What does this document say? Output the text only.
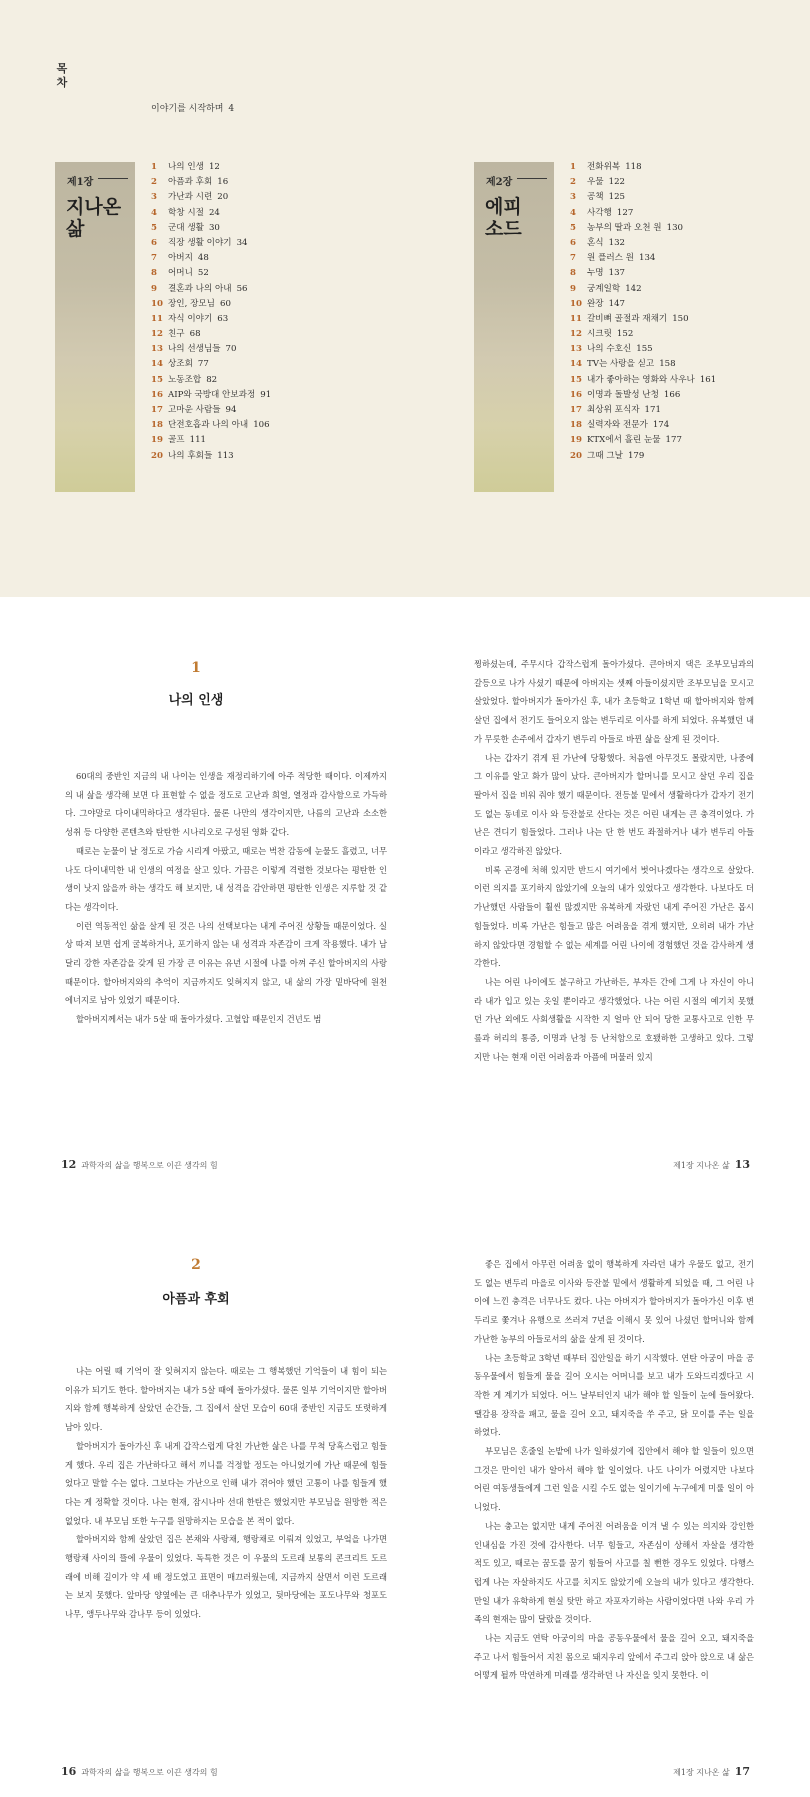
목
차
이야기를 시작하며 4
제1장
지나온 삶
1 나의 인생 12
2 아픔과 후회 16
3 가난과 시련 20
4 학창 시절 24
5 군대 생활 30
6 직장 생활 이야기 34
7 아버지 48
8 어머니 52
9 결혼과 나의 아내 56
10 장인, 장모님 60
11 자식 이야기 63
12 친구 68
13 나의 선생님들 70
14 상조회 77
15 노동조합 82
16 AIP와 국방대 안보과정 91
17 고마운 사람들 94
18 단전호흡과 나의 아내 106
19 골프 111
20 나의 후회들 113
제2장
에피 소드
1 전화위복 118
2 우물 122
3 공책 125
4 사각행 127
5 농부의 딸과 오천 원 130
6 혼식 132
7 원 플러스 원 134
8 누명 137
9 궁계일학 142
10 완장 147
11 갈비뼈 골절과 재채기 150
12 시크릿 152
13 나의 수호신 155
14 TV는 사랑을 싣고 158
15 내가 좋아하는 영화와 사우나 161
16 이명과 돌발성 난청 166
17 최상위 포식자 171
18 실력자와 전문가 174
19 KTX에서 흘린 눈물 177
20 그때 그날 179
1
나의 인생

60대의 중반인 지금의 내 나이는 인생을 재정리하기에 아주 적당한 때이다. 이제까지의 내 삶을 생각해 보면 다 표현할 수 없을 정도로 고난과 희열, 열정과 감사함으로 가득하다. 그야말로 다이내믹하다고 생각된다. 물론 나만의 생각이지만, 나름의 고난과 소소한 성취 등 다양한 콘텐츠와 탄탄한 시나리오로 구성된 영화 같다.

때로는 눈물이 날 정도로 가슴 시리게 아팠고, 때로는 벅찬 감동에 눈물도 흘렸고, 너무나도 다이내믹한 내 인생의 여정을 살고 있다. 가끔은 이렇게 격렬한 것보다는 평탄한 인생이 낫지 않을까 하는 생각도 해 보지만, 내 성격을 감안하면 평탄한 인생은 지루할 것 같다는 생각이다.

이런 역동적인 삶을 살게 된 것은 나의 선택보다는 내게 주어진 상황들 때문이었다. 실상 따져 보면 쉽게 굴복하거나, 포기하지 않는 내 성격과 자존감이 크게 작용했다. 내가 남달리 강한 자존감을 갖게 된 가장 큰 이유는 유년 시절에 나를 아껴 주신 할아버지의 사랑 때문이다. 할아버지와의 추억이 지금까지도 잊혀지지 않고, 내 삶의 가장 밑바닥에 원천 에너지로 남아 있었기 때문이다.

할아버지께서는 내가 5살 때 돌아가셨다. 고혈압 때문인지 건넌도 범

찡하셨는데, 주무시다 갑작스럽게 돌아가셨다. 큰아버지 댁은 조부모님과의 갈등으로 나가 사셨기 때문에 아버지는 셋째 아들이셨지만 조부모님을 모시고 살았었다. 할아버지가 돌아가신 후, 내가 초등학교 1학년 때 할아버지와 함께 살던 집에서 전기도 들어오지 않는 변두리로 이사를 하게 되었다. 유복했던 내가 무릇한 손주에서 갑자기 변두리 아들로 바뀐 삶을 살게 된 것이다.

나는 갑자기 겪게 된 가난에 당황했다. 처음엔 아무것도 몰랐지만, 나중에 그 이유를 알고 화가 많이 났다. 큰아버지가 할머니를 모시고 살던 우리 집을 팔아서 집을 비워 줘야 했기 때문이다. 전등불 밑에서 생활하다가 갑자기 전기도 없는 동네로 이사 와 등잔불로 산다는 것은 어린 내게는 큰 충격이었다. 가난은 견디기 힘들었다. 그러나 나는 단 한 번도 좌절하거나 내가 변두리 아들이라고 생각하진 않았다.

비록 곤경에 처해 있지만 반드시 여기에서 벗어나겠다는 생각으로 살았다. 이런 의지를 포기하지 않았기에 오늘의 내가 있었다고 생각한다. 나보다도 더 가난했던 사람들이 훨씬 많겠지만 유복하게 자랐던 내게 주어진 가난은 몹시 힘들었다. 비록 가난은 힘들고 많은 어려움을 겪게 했지만, 오히려 내가 가난하지 않았다면 경험할 수 없는 세계를 어린 나이에 경험했던 것을 감사하게 생각한다.

나는 어린 나이에도 불구하고 가난하든, 부자든 간에 그게 나 자신이 아니라 내가 입고 있는 옷일 뿐이라고 생각했었다. 나는 어린 시절의 예기치 못했던 가난 외에도 사회생활을 시작한 지 얼마 안 되어 당한 교통사고로 인한 무릎과 허리의 통증, 이명과 난청 등 난처함으로 호됐하한 고생하고 있다. 그렇지만 나는 현재 이런 어려움과 아픔에 머물러 있지

12 과학자의 삶을 행복으로 이끈 생각의 힘	제1장 지나온 삶 13
2
아픔과 후회

나는 어릴 때 기억이 잘 잊혀지지 않는다. 때로는 그 행복했던 기억들이 내 힘이 되는 이유가 되기도 한다. 할아버지는 내가 5살 때에 돌아가셨다. 물론 일부 기억이지만 할아버지와 함께 행복하게 살았던 순간들, 그 집에서 살던 모습이 60대 중반인 지금도 또렷하게 남아 있다.

할아버지가 돌아가신 후 내게 갑작스럽게 닥친 가난한 삶은 나를 무척 당혹스럽고 힘들게 했다. 우리 집은 가난하다고 해서 끼니를 걱정할 정도는 아니었기에 가난 때문에 힘들었다고 말할 수는 없다. 그보다는 가난으로 인해 내가 겪어야 했던 고통이 나를 힘들게 했다는 게 정확할 것이다. 나는 현재, 잠시나마 선대 한탄은 했었지만 부모님을 원망한 적은 없었다. 내 부모님 또한 누구를 원망하지는 모습을 본 적이 없다.

할아버지와 함께 살았던 집은 본채와 사랑채, 행랑채로 이뤄져 있었고, 부엌을 나가면 행랑채 사이의 뜰에 우물이 있었다. 독특한 것은 이 우물의 도르래 보통의 콘크리트 도르래에 비해 길이가 약 세 배 정도였고 표면이 매끄러웠는데, 지금까지 살면서 이런 도르래는 보지 못했다. 앞마당 양옆에는 큰 대추나무가 있었고, 뒷마당에는 포도나무와 청포도 나무, 앵두나무와 감나무 등이 있었다.

좋은 집에서 아무런 어려움 없이 행복하게 자라던 내가 우물도 없고, 전기도 없는 변두리 마을로 이사와 등잔불 밑에서 생활하게 되었을 때, 그 어린 나이에 느낀 충격은 너무나도 컸다. 나는 아버지가 할아버지가 돌아가신 이후 변두리로 쫓겨나 유행으로 쓰러져 7년을 이해시 못 있어 나셨던 할머니와 함께 가난한 농부의 아들로서의 삶을 살게 된 것이다.

나는 초등학교 3학년 때부터 집안일을 하기 시작했다. 연탄 아궁이 마을 공동우물에서 힘들게 물을 길어 오시는 어머니를 보고 내가 도와드리겠다고 시작한 게 계기가 되었다. 어느 날부터인지 내가 해야 할 일들이 눈에 들어왔다. 땔감용 장작을 패고, 물을 길어 오고, 돼지죽을 쑤 주고, 닭 모이를 주는 일을 하였다.

부모님은 혼줄일 논밭에 나가 일하셨기에 집안에서 해야 할 일들이 있으면 그것은 만이인 내가 알아서 해야 할 일이었다. 나도 나이가 어렸지만 나보다 어린 여동생들에게 그런 일을 시킬 수도 없는 일이기에 누구에게 미룰 일이 아니었다.

나는 충고는 없지만 내게 주어진 어려움을 이겨 낼 수 있는 의지와 강인한 인내심을 가진 것에 감사한다. 너무 힘들고, 자존심이 상해서 자살을 생각한 적도 있고, 때로는 꿈도를 꿈기 힘들어 사고를 칠 뻔한 경우도 있었다. 다행스럽게 나는 자살하지도 사고를 치지도 않았기에 오늘의 내가 있다고 생각한다. 만일 내가 유학하게 현실 탓만 하고 자포자기하는 사람이었다면 나와 우리 가족의 현재는 많이 달랐을 것이다.

나는 지금도 연탁 아궁이의 마을 공동우물에서 물을 길어 오고, 돼지죽을 주고 나서 힘들어서 지친 몸으로 돼지우리 앞에서 주그리 앉아 앉으로 내 삶은 어떻게 될까 막연하게 미래를 생각하던 나 자신을 잊지 못한다. 이

16 과학자의 삶을 행복으로 이끈 생각의 힘	제1장 지나온 삶 17
